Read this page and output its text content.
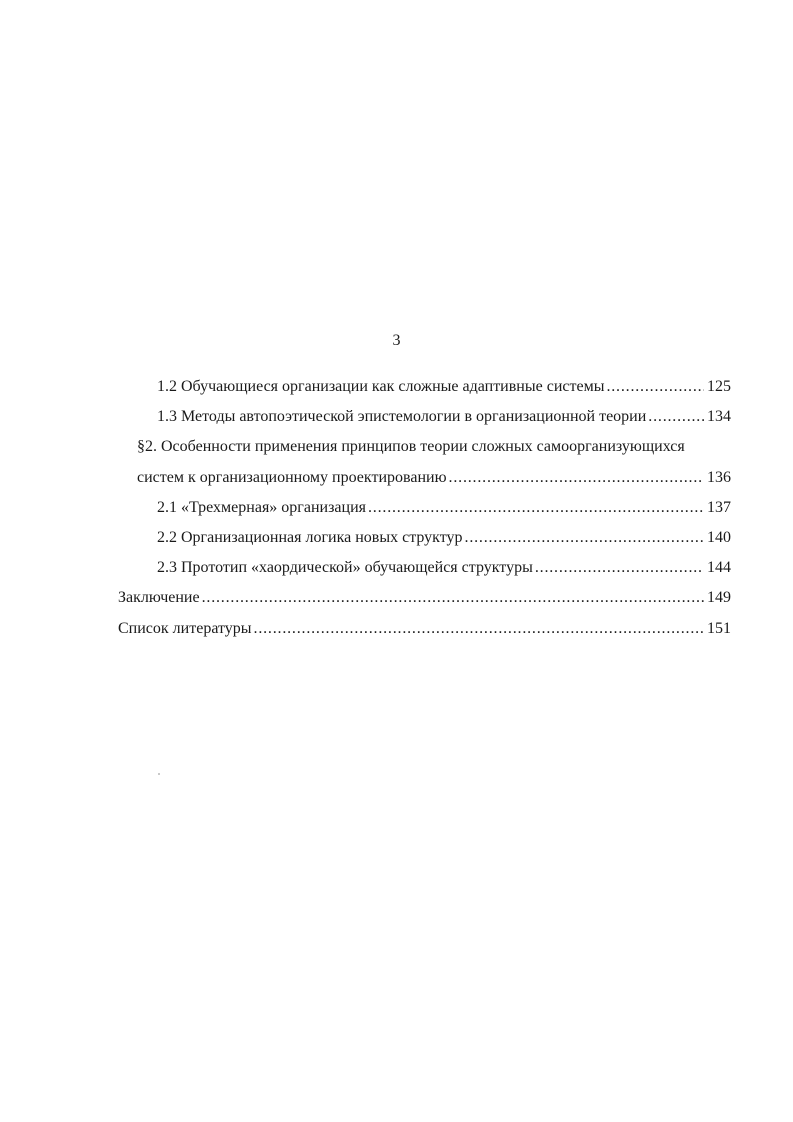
3
1.2 Обучающиеся организации как сложные адаптивные системы . . .	125
1.3 Методы автопоэтической эпистемологии в организационной теории . . .	134
§2. Особенности применения принципов теории сложных самоорганизующихся
систем к организационному проектированию . . .	136
2.1 «Трехмерная» организация . . .	137
2.2 Организационная логика новых структур . . .	140
2.3 Прототип «хаордической» обучающейся структуры . . .	144
Заключение . . .	149
Список литературы . . .	151
